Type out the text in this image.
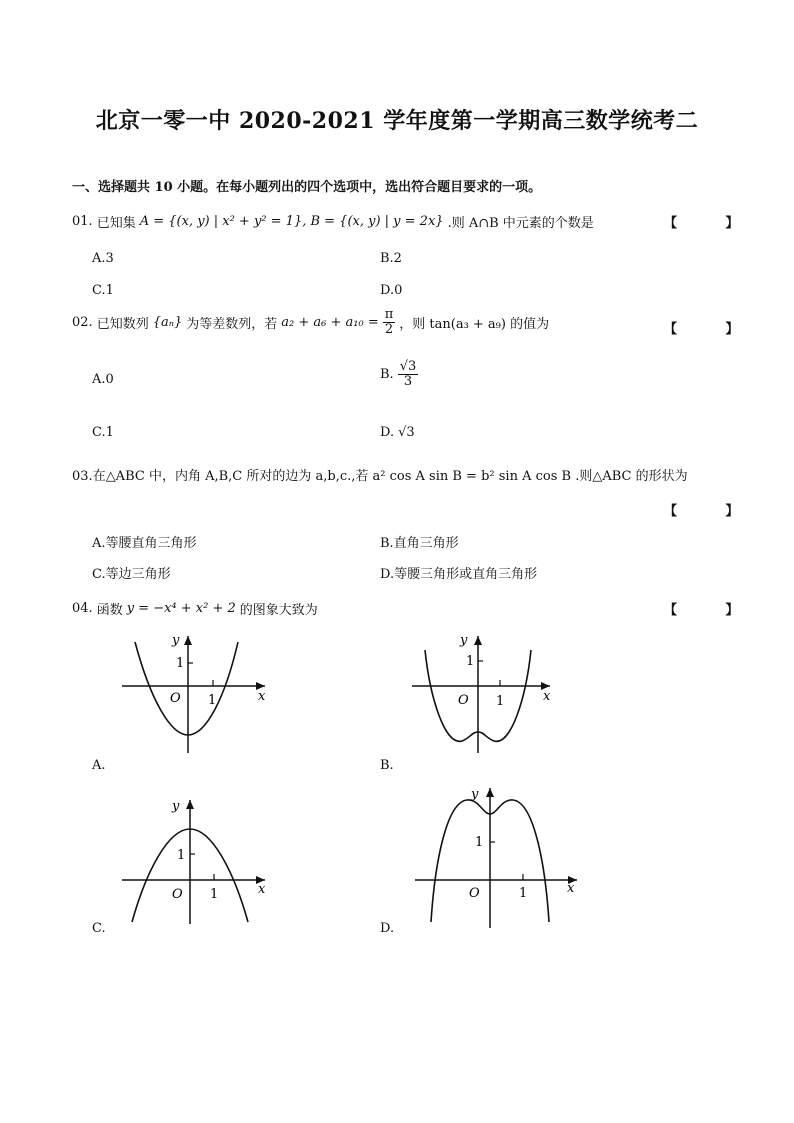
北京一零一中 2020-2021 学年度第一学期高三数学统考二
一、选择题共 10 小题。在每小题列出的四个选项中，选出符合题目要求的一项。
01. 已知集 A = {(x, y) | x² + y² = 1}, B = {(x, y) | y = 2x} .则 A∩B 中元素的个数是	【 】
A.3	B.2
C.1	D.0
02. 已知数列 {aₙ} 为等差数列，若 $a_2 + a_6 + a_{10} = \frac{\pi}{2}$ ，则 tan(a₃ + a₉) 的值为	【 】
A.0	B. $\frac{√3}{3}$
C.1	D. √3
03.在△ABC 中，内角 A,B,C 所对的边为 a,b,c.,若 a² cos A sin B = b² sin A cos B .则△ABC 的形状为
【 】
A.等腰直角三角形	B.直角三角形
C.等边三角形	D.等腰三角形或直角三角形
04. 函数 y = −x⁴ + x² + 2 的图象大致为	【 】
x
y
O 1
1
A.
x
y
O 1
1
B.
x
y
O 1
1
C.
x
y
O	1
1
D.
